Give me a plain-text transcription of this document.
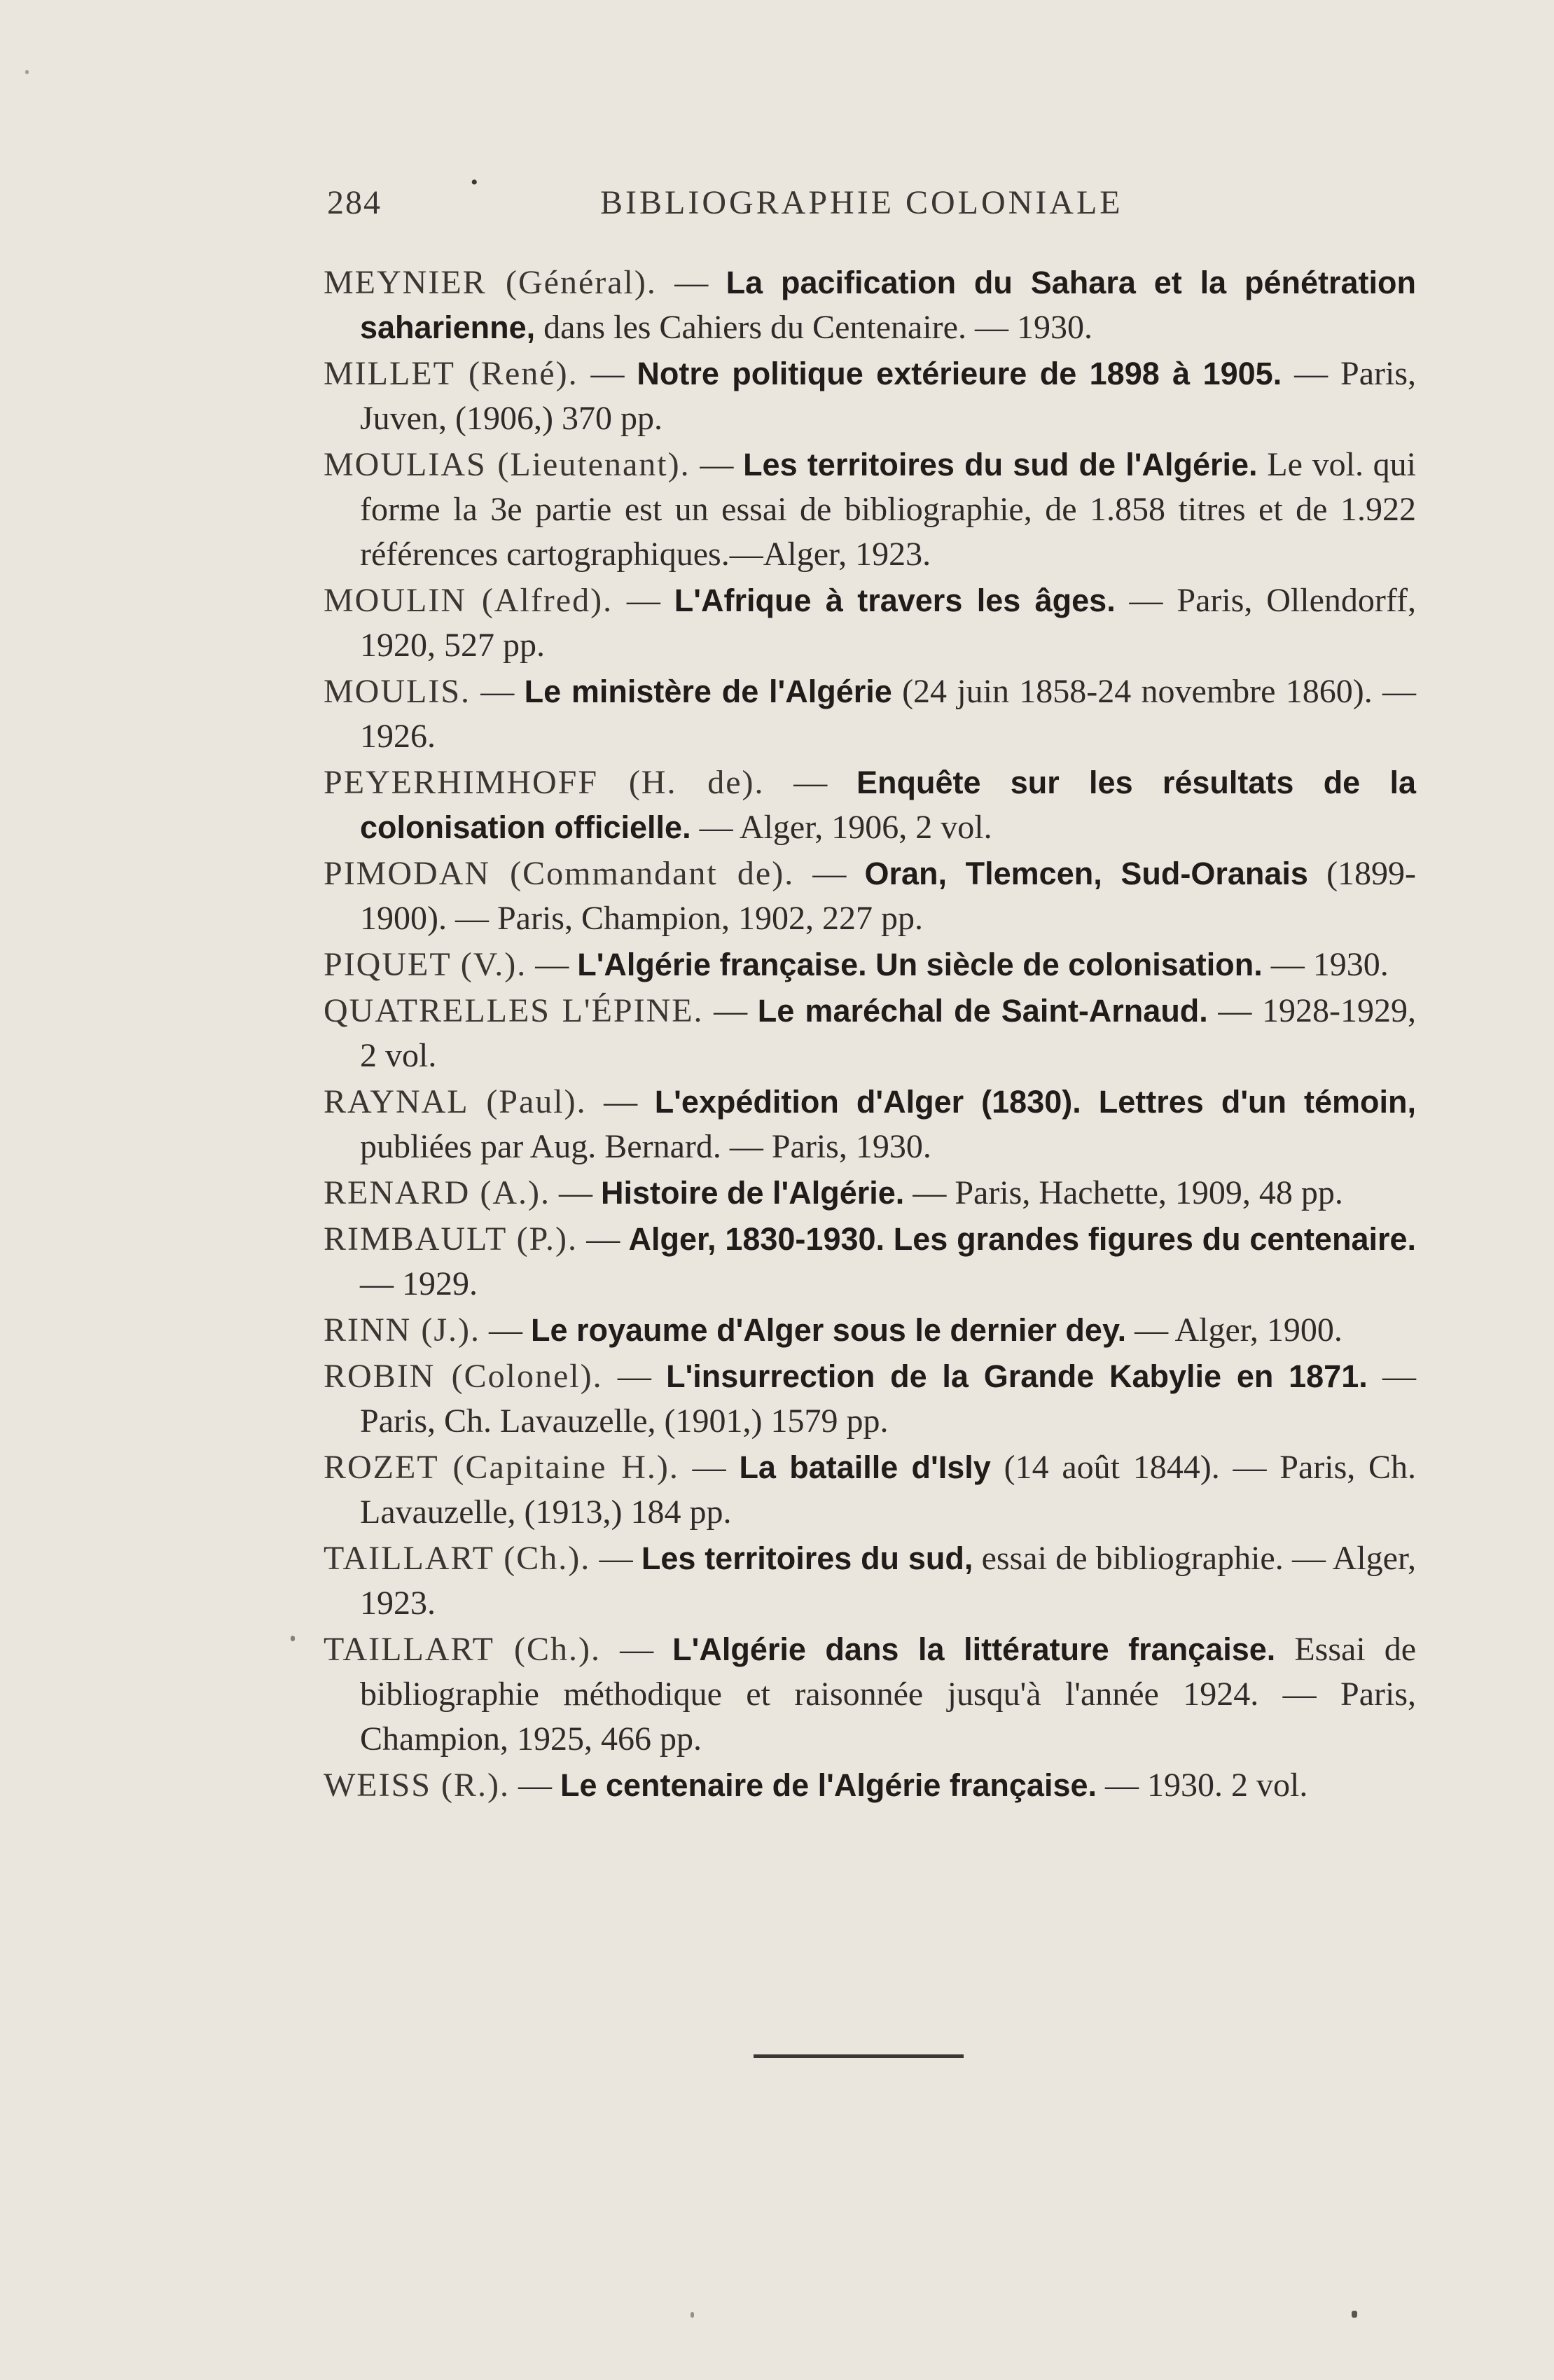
284
•
BIBLIOGRAPHIE COLONIALE

MEYNIER (Général). — La pacification du Sahara et la pénétration saharienne, dans les Cahiers du Centenaire. — 1930.

MILLET (René). — Notre politique extérieure de 1898 à 1905. — Paris, Juven, (1906,) 370 pp.

MOULIAS (Lieutenant). — Les territoires du sud de l'Algérie. Le vol. qui forme la 3e partie est un essai de bibliographie, de 1.858 titres et de 1.922 références cartographiques.—Alger, 1923.

MOULIN (Alfred). — L'Afrique à travers les âges. — Paris, Ollendorff, 1920, 527 pp.

MOULIS. — Le ministère de l'Algérie (24 juin 1858-24 novembre 1860). — 1926.

PEYERHIMHOFF (H. de). — Enquête sur les résultats de la colonisation officielle. — Alger, 1906, 2 vol.

PIMODAN (Commandant de). — Oran, Tlemcen, Sud-Oranais (1899-1900). — Paris, Champion, 1902, 227 pp.

PIQUET (V.). — L'Algérie française. Un siècle de colonisation. — 1930.

QUATRELLES L'ÉPINE. — Le maréchal de Saint-Arnaud. — 1928-1929, 2 vol.

RAYNAL (Paul). — L'expédition d'Alger (1830). Lettres d'un témoin, publiées par Aug. Bernard. — Paris, 1930.

RENARD (A.). — Histoire de l'Algérie. — Paris, Hachette, 1909, 48 pp.

RIMBAULT (P.). — Alger, 1830-1930. Les grandes figures du centenaire. — 1929.

RINN (J.). — Le royaume d'Alger sous le dernier dey. — Alger, 1900.

ROBIN (Colonel). — L'insurrection de la Grande Kabylie en 1871. — Paris, Ch. Lavauzelle, (1901,) 1579 pp.

ROZET (Capitaine H.). — La bataille d'Isly (14 août 1844). — Paris, Ch. Lavauzelle, (1913,) 184 pp.

TAILLART (Ch.). — Les territoires du sud, essai de bibliographie. — Alger, 1923.

TAILLART (Ch.). — L'Algérie dans la littérature française. Essai de bibliographie méthodique et raisonnée jusqu'à l'année 1924. — Paris, Champion, 1925, 466 pp.

WEISS (R.). — Le centenaire de l'Algérie française. — 1930. 2 vol.
